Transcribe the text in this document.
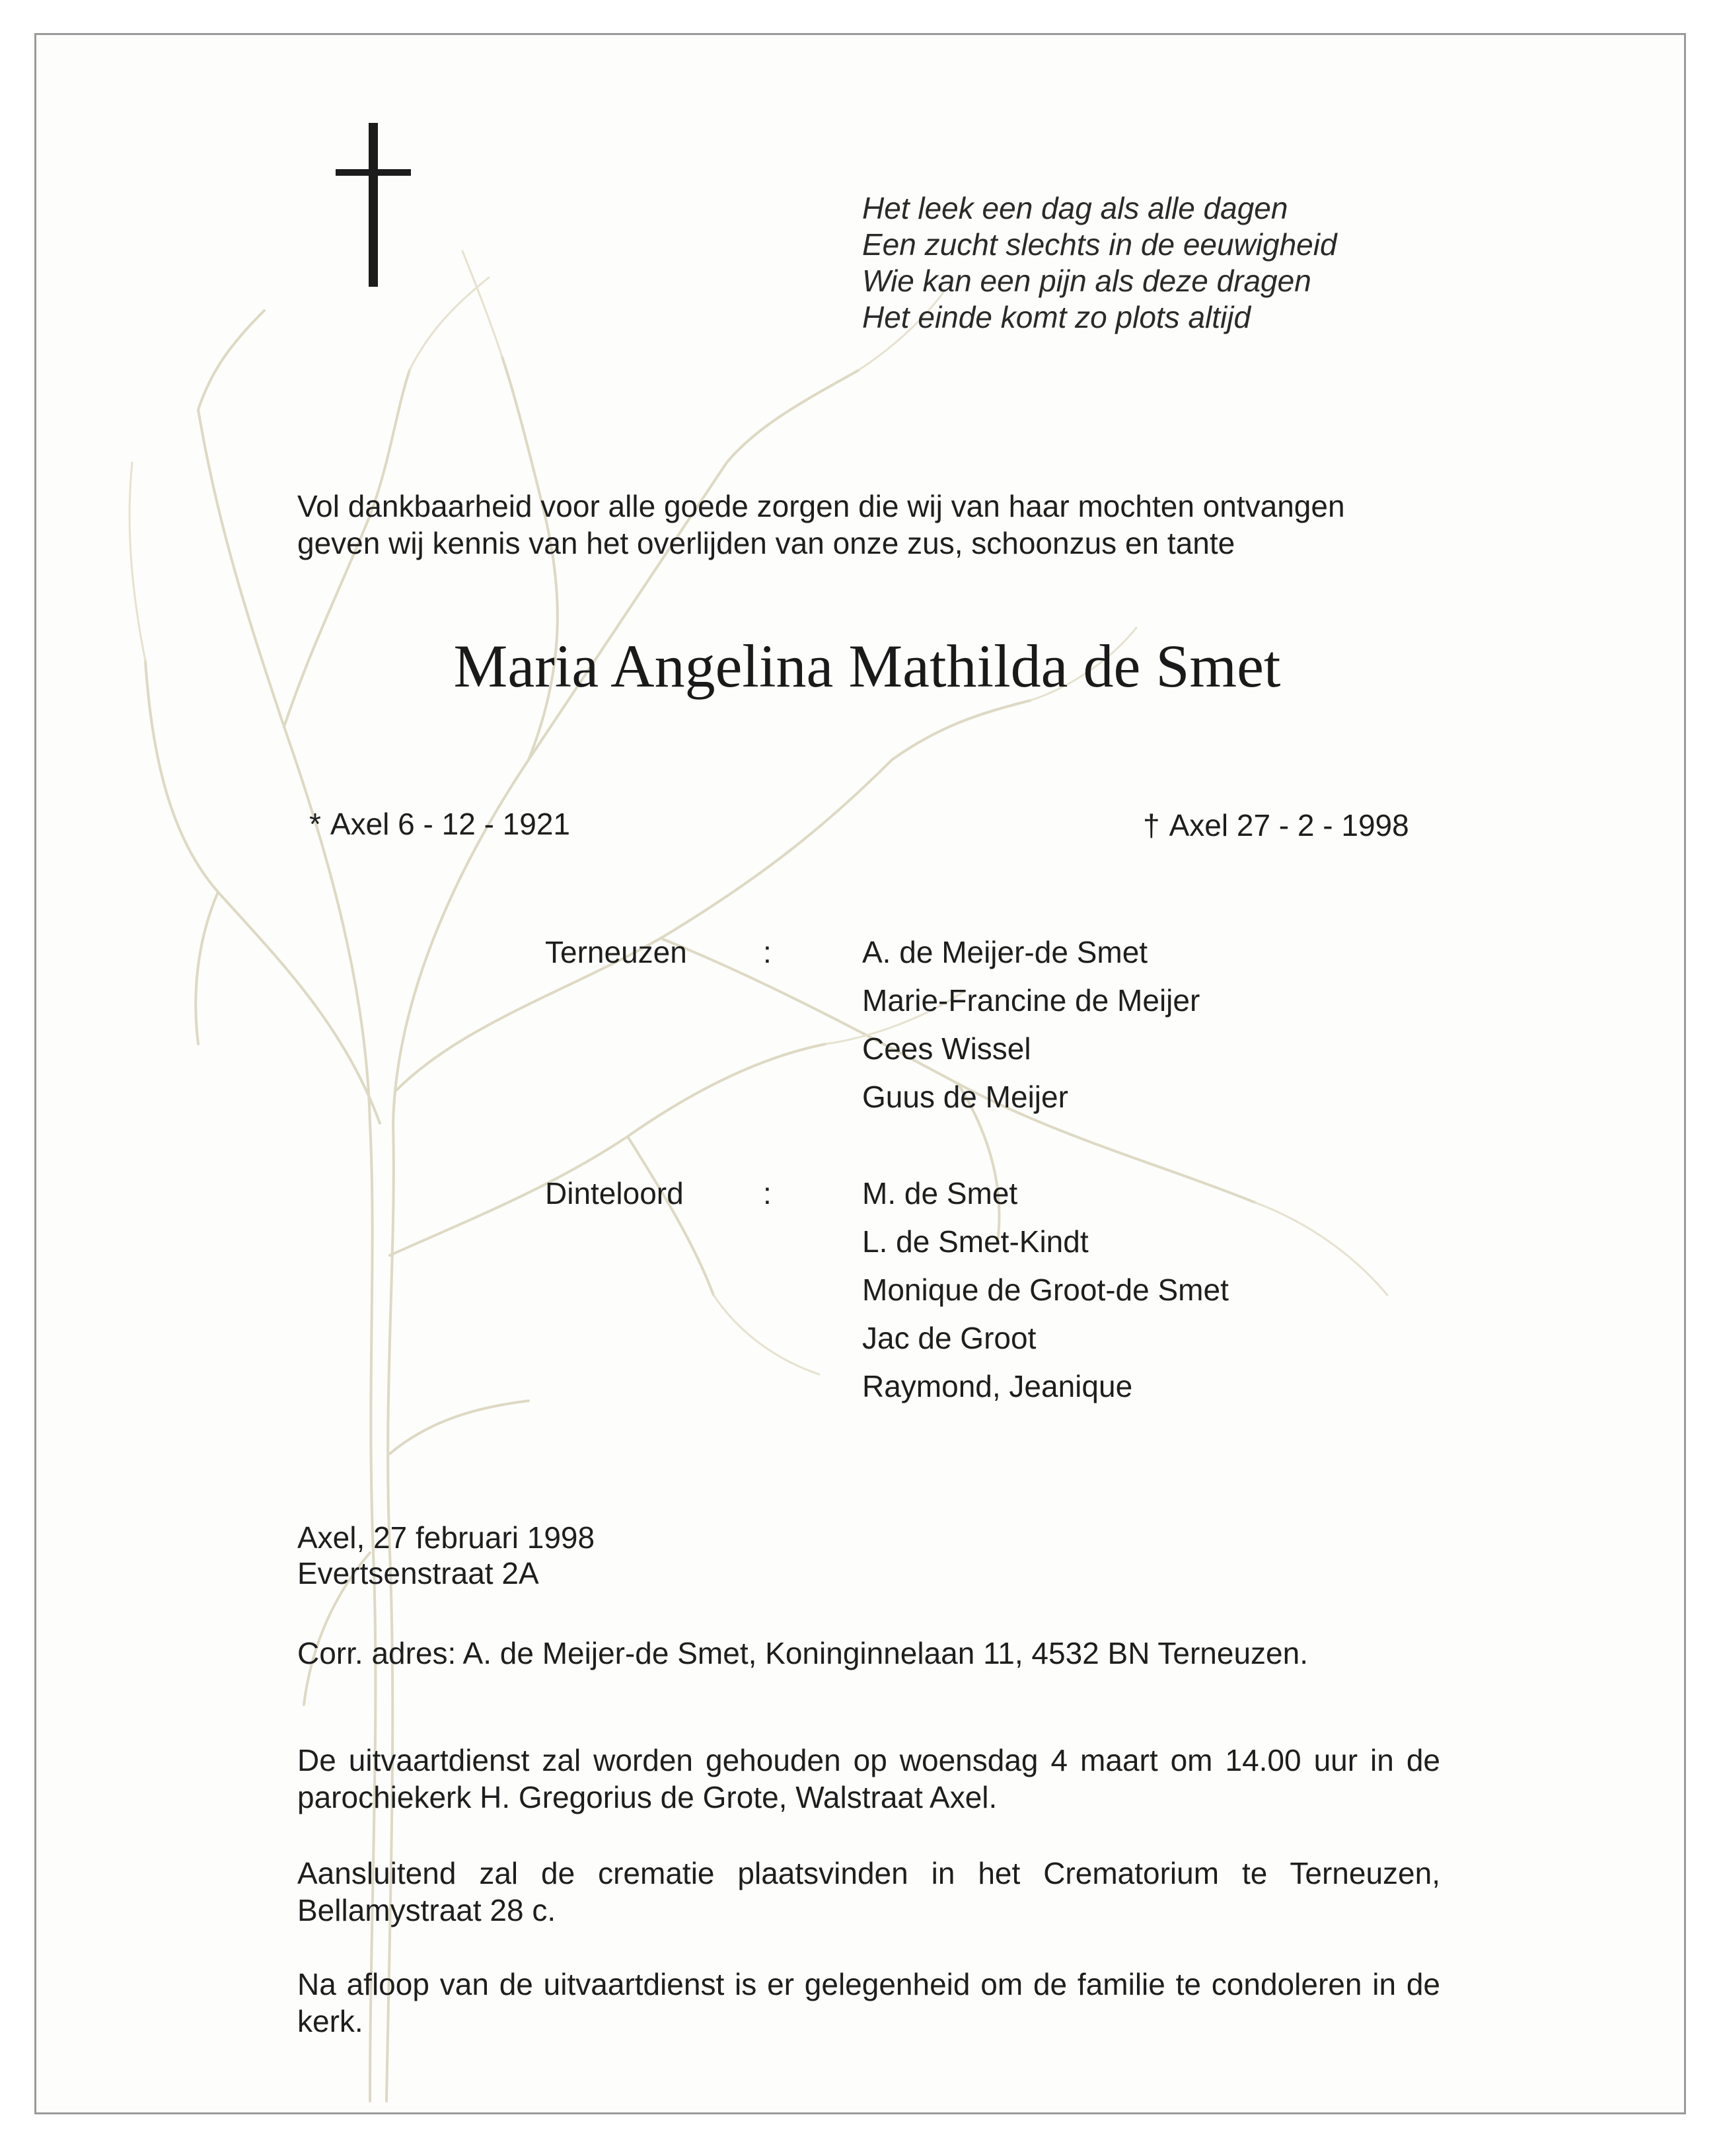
Het leek een dag als alle dagen
Een zucht slechts in de eeuwigheid
Wie kan een pijn als deze dragen
Het einde komt zo plots altijd
Vol dankbaarheid voor alle goede zorgen die wij van haar mochten ontvangen
geven wij kennis van het overlijden van onze zus, schoonzus en tante
Maria Angelina Mathilda de Smet
* Axel 6 - 12 - 1921	† Axel 27 - 2 - 1998
Terneuzen	:	A. de Meijer-de Smet
Marie-Francine de Meijer
Cees Wissel
Guus de Meijer
Dinteloord	:	M. de Smet
L. de Smet-Kindt
Monique de Groot-de Smet
Jac de Groot
Raymond, Jeanique
Axel, 27 februari 1998
Evertsenstraat 2A
Corr. adres: A. de Meijer-de Smet, Koninginnelaan 11, 4532 BN Terneuzen.
De uitvaartdienst zal worden gehouden op woensdag 4 maart om 14.00 uur in de parochiekerk H. Gregorius de Grote, Walstraat Axel.
Aansluitend zal de crematie plaatsvinden in het Crematorium te Terneuzen, Bellamystraat 28 c.
Na afloop van de uitvaartdienst is er gelegenheid om de familie te condoleren in de kerk.
